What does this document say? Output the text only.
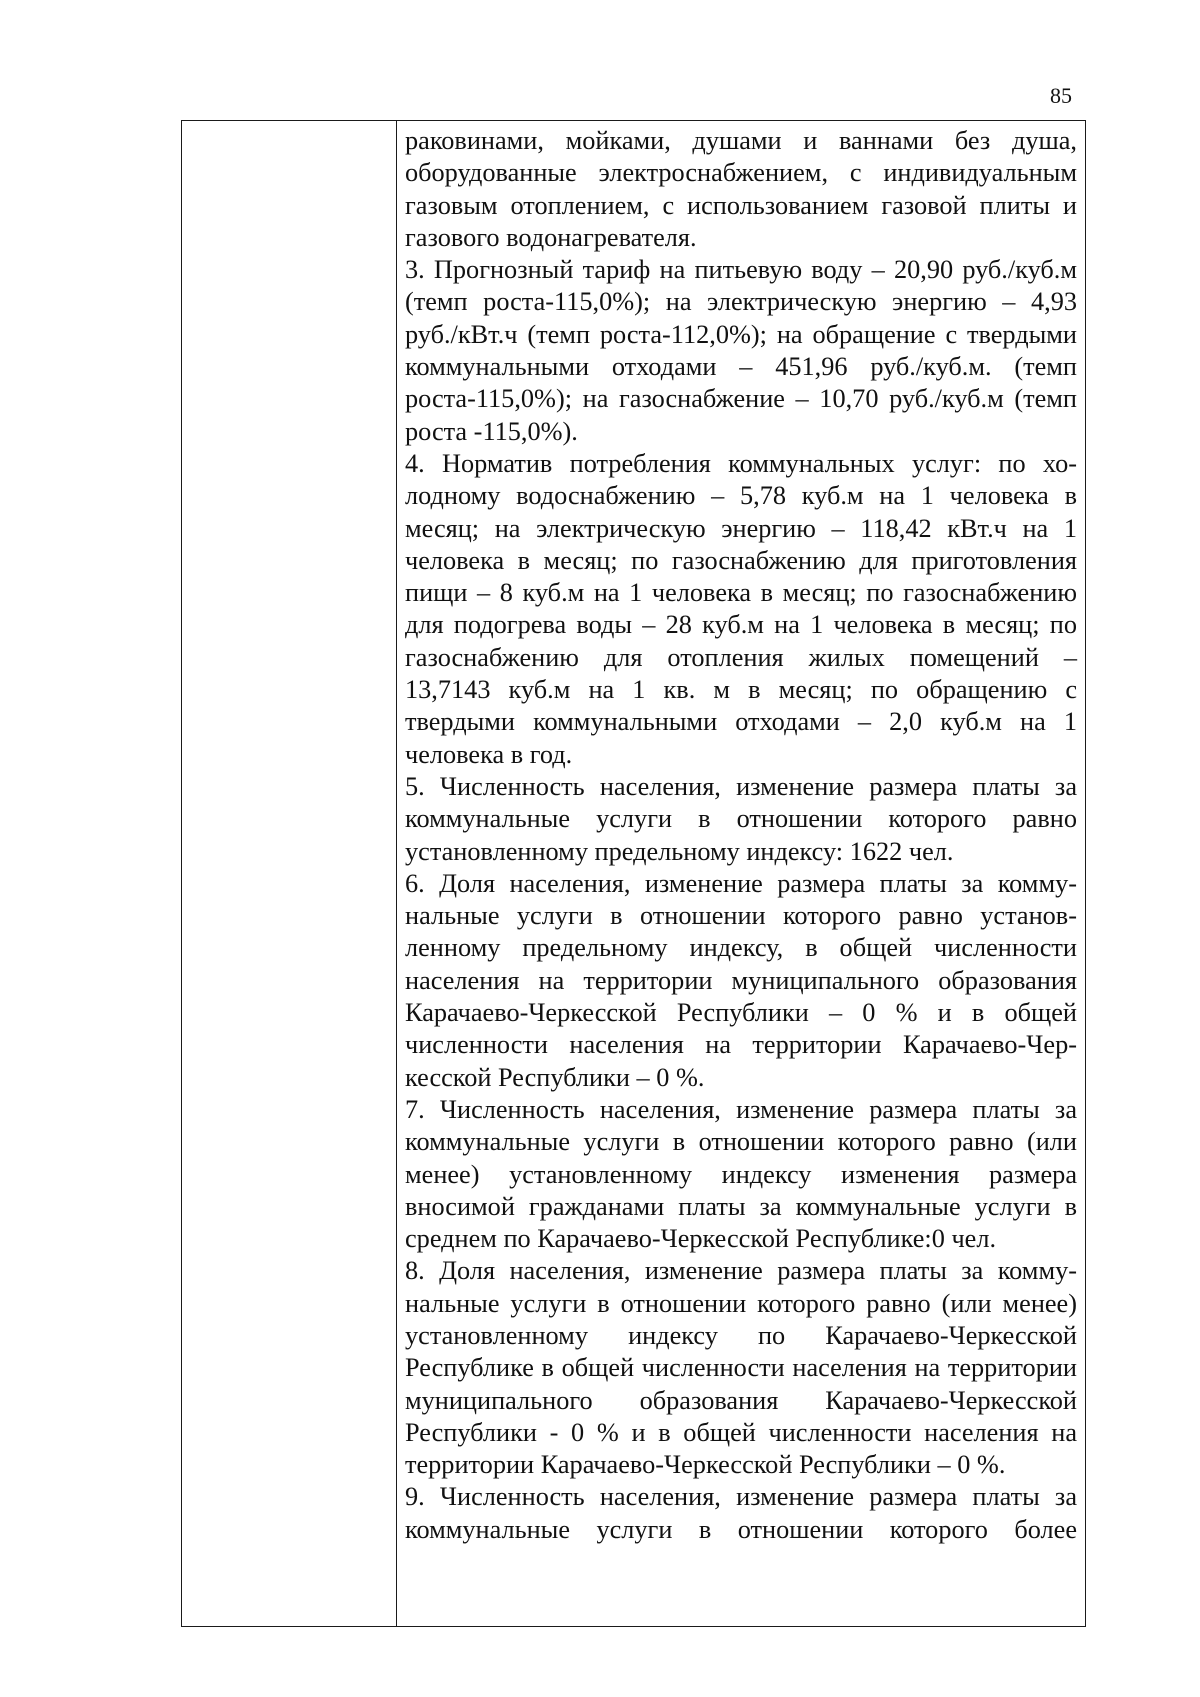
85

раковинами, мойками, душами и ваннами без душа, оборудованные электроснабжением, с индивидуальным газовым отоплением, с использованием газовой плиты и газового водонагревателя.

3. Прогнозный тариф на питьевую воду – 20,90 руб./куб.м (темп роста-115,0%); на электрическую энергию – 4,93 руб./кВт.ч (темп роста-112,0%); на обращение с твердыми коммунальными отходами – 451,96 руб./куб.м. (темп роста-115,0%); на газоснабжение – 10,70 руб./куб.м (темп роста -115,0%).

4. Норматив потребления коммунальных услуг: по холодному водоснабжению – 5,78 куб.м на 1 человека в месяц; на электрическую энергию – 118,42 кВт.ч на 1 человека в месяц; по газоснабжению для приготовления пищи – 8 куб.м на 1 человека в месяц; по газоснабжению для подогрева воды – 28 куб.м на 1 человека в месяц; по газоснабжению для отопления жилых помещений – 13,7143 куб.м на 1 кв. м в месяц; по обращению с твердыми коммунальными отходами – 2,0 куб.м на 1 человека в год.

5. Численность населения, изменение размера платы за коммунальные услуги в отношении которого равно установленному предельному индексу: 1622 чел.

6. Доля населения, изменение размера платы за коммунальные услуги в отношении которого равно установленному предельному индексу, в общей численности населения на территории муниципального образования Карачаево-Черкесской Республики – 0 % и в общей численности населения на территории Карачаево-Черкесской Республики – 0 %.

7. Численность населения, изменение размера платы за коммунальные услуги в отношении которого равно (или менее) установленному индексу изменения размера вносимой гражданами платы за коммунальные услуги в среднем по Карачаево-Черкесской Республике:0 чел.

8. Доля населения, изменение размера платы за коммунальные услуги в отношении которого равно (или менее) установленному индексу по Карачаево-Черкесской Республике в общей численности населения на территории муниципального образования Карачаево-Черкесской Республики - 0 % и в общей численности населения на территории Карачаево-Черкесской Республики – 0 %.

9. Численность населения, изменение размера платы за коммунальные услуги в отношении которого более
